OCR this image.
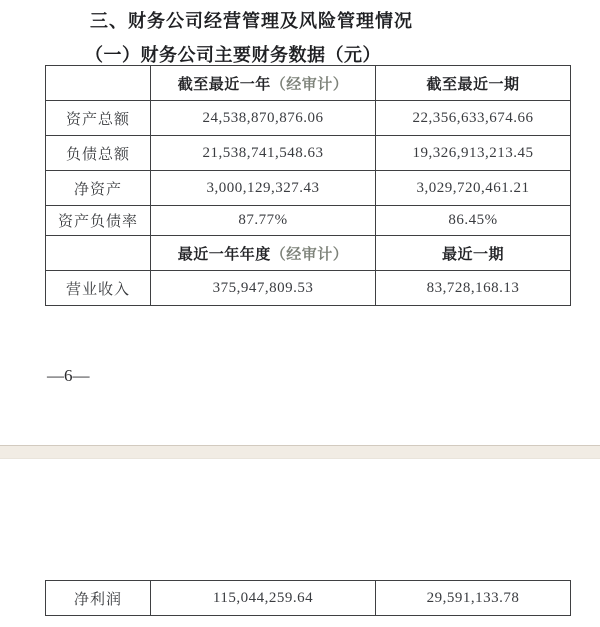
三、财务公司经营管理及风险管理情况
（一）财务公司主要财务数据（元）
	截至最近一年（经审计）	截至最近一期
资产总额	24,538,870,876.06	22,356,633,674.66
负债总额	21,538,741,548.63	19,326,913,213.45
净资产	3,000,129,327.43	3,029,720,461.21
资产负债率	87.77%	86.45%
	最近一年年度（经审计）	最近一期
营业收入	375,947,809.53	83,728,168.13
—6—
净利润	115,044,259.64	29,591,133.78
